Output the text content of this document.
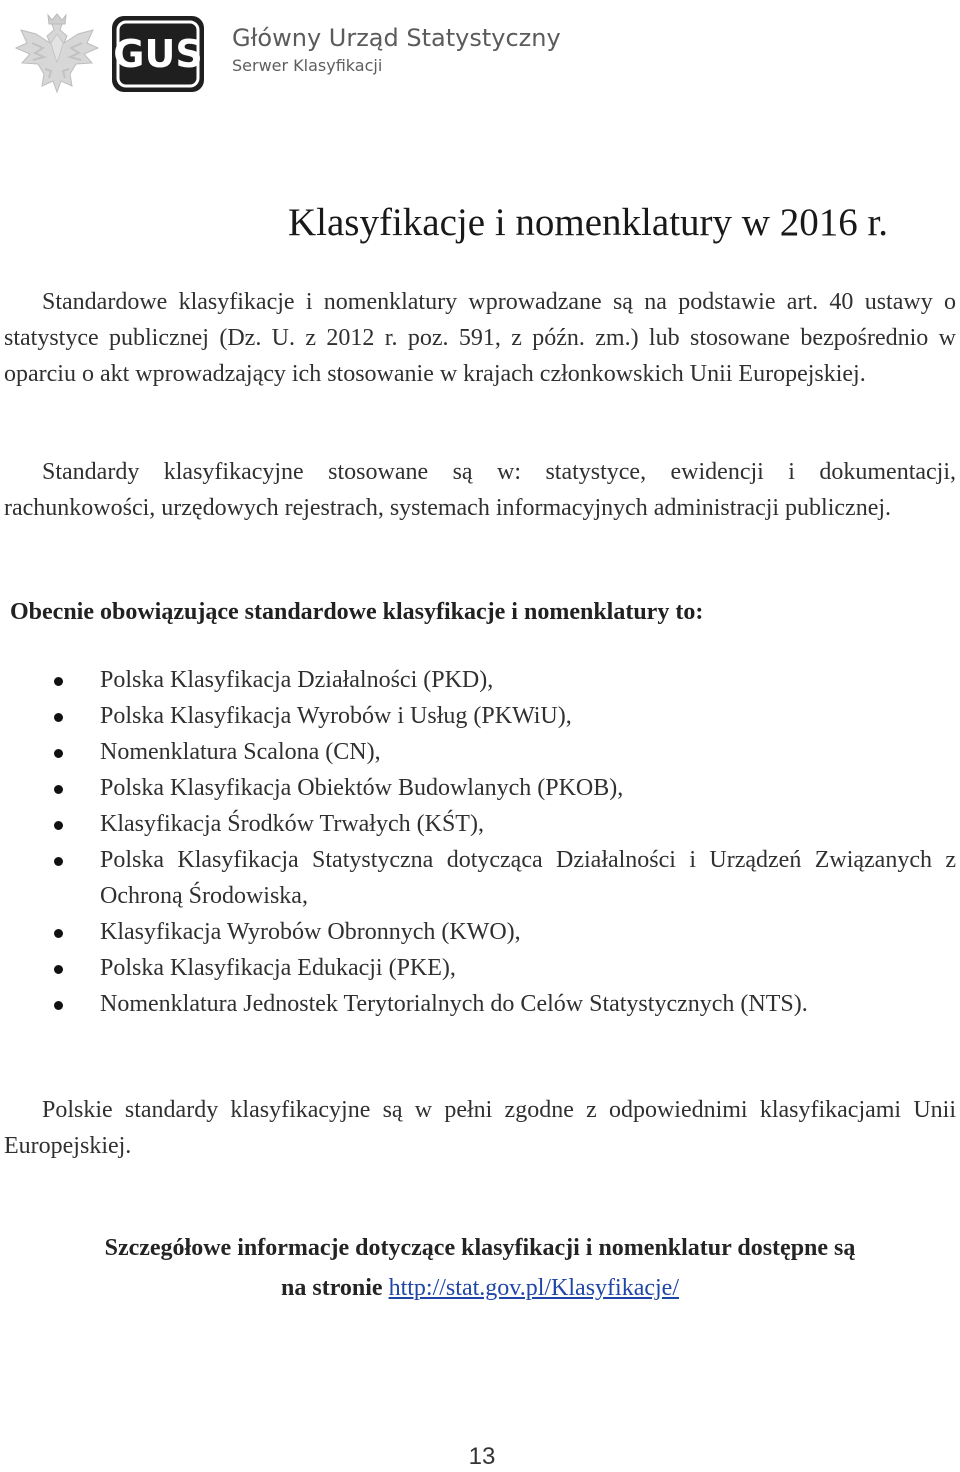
GUS Główny Urząd Statystyczny
Serwer Klasyfikacji
Klasyfikacje i nomenklatury w 2016 r.

Standardowe klasyfikacje i nomenklatury wprowadzane są na podstawie art. 40 ustawy o statystyce publicznej (Dz. U. z 2012 r. poz. 591, z późn. zm.) lub stosowane bezpośrednio w oparciu o akt wprowadzający ich stosowanie w krajach członkowskich Unii Europejskiej.

Standardy klasyfikacyjne stosowane są w: statystyce, ewidencji i dokumentacji, rachunkowości, urzędowych rejestrach, systemach informacyjnych administracji publicznej.

Obecnie obowiązujące standardowe klasyfikacje i nomenklatury to:
Polska Klasyfikacja Działalności (PKD),
Polska Klasyfikacja Wyrobów i Usług (PKWiU),
Nomenklatura Scalona (CN),
Polska Klasyfikacja Obiektów Budowlanych (PKOB),
Klasyfikacja Środków Trwałych (KŚT),
Polska Klasyfikacja Statystyczna dotycząca Działalności i Urządzeń Związanych z Ochroną Środowiska,
Klasyfikacja Wyrobów Obronnych (KWO),
Polska Klasyfikacja Edukacji (PKE),
Nomenklatura Jednostek Terytorialnych do Celów Statystycznych (NTS).

Polskie standardy klasyfikacyjne są w pełni zgodne z odpowiednimi klasyfikacjami Unii Europejskiej.

Szczegółowe informacje dotyczące klasyfikacji i nomenklatur dostępne są
na stronie http://stat.gov.pl/Klasyfikacje/

13
